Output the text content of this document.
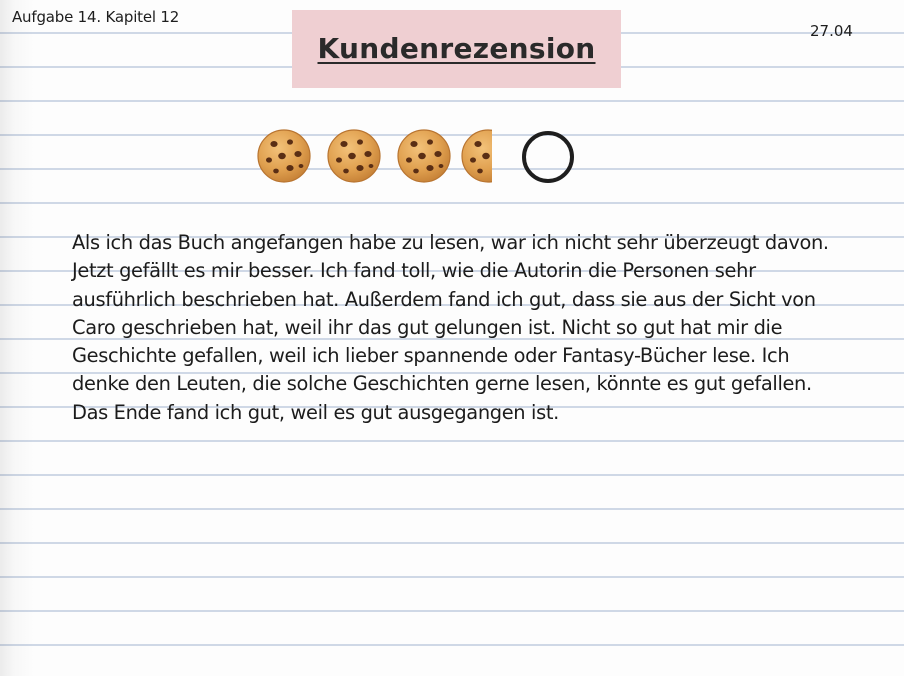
Aufgabe 14. Kapitel 12
27.04
Kundenrezension

Als ich das Buch angefangen habe zu lesen, war ich nicht sehr überzeugt davon. Jetzt gefällt es mir besser. Ich fand toll, wie die Autorin die Personen sehr ausführlich beschrieben hat. Außerdem fand ich gut, dass sie aus der Sicht von Caro geschrieben hat, weil ihr das gut gelungen ist. Nicht so gut hat mir die Geschichte gefallen, weil ich lieber spannende oder Fantasy-Bücher lese. Ich denke den Leuten, die solche Geschichten gerne lesen, könnte es gut gefallen. Das Ende fand ich gut, weil es gut ausgegangen ist.
